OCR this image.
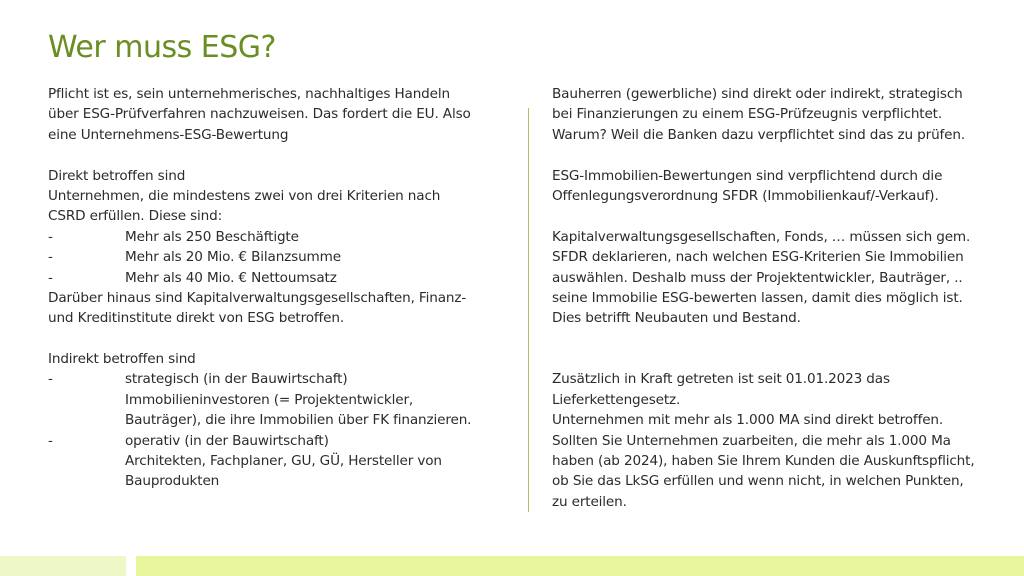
Wer muss ESG?
Pflicht ist es, sein unternehmerisches, nachhaltiges Handeln
über ESG-Prüfverfahren nachzuweisen. Das fordert die EU. Also
eine Unternehmens-ESG-Bewertung
Direkt betroffen sind
Unternehmen, die mindestens zwei von drei Kriterien nach
CSRD erfüllen. Diese sind:
-	Mehr als 250 Beschäftigte
-	Mehr als 20 Mio. € Bilanzsumme
-	Mehr als 40 Mio. € Nettoumsatz
Darüber hinaus sind Kapitalverwaltungsgesellschaften, Finanz-
und Kreditinstitute direkt von ESG betroffen.
Indirekt betroffen sind
-	strategisch (in der Bauwirtschaft)
Immobilieninvestoren (= Projektentwickler,
Bauträger), die ihre Immobilien über FK finanzieren.
-	operativ (in der Bauwirtschaft)
Architekten, Fachplaner, GU, GÜ, Hersteller von
Bauprodukten
Bauherren (gewerbliche) sind direkt oder indirekt, strategisch
bei Finanzierungen zu einem ESG-Prüfzeugnis verpflichtet.
Warum? Weil die Banken dazu verpflichtet sind das zu prüfen.
ESG-Immobilien-Bewertungen sind verpflichtend durch die
Offenlegungsverordnung SFDR (Immobilienkauf/-Verkauf).
Kapitalverwaltungsgesellschaften, Fonds, … müssen sich gem.
SFDR deklarieren, nach welchen ESG-Kriterien Sie Immobilien
auswählen. Deshalb muss der Projektentwickler, Bauträger, ..
seine Immobilie ESG-bewerten lassen, damit dies möglich ist.
Dies betrifft Neubauten und Bestand.
Zusätzlich in Kraft getreten ist seit 01.01.2023 das
Lieferkettengesetz.
Unternehmen mit mehr als 1.000 MA sind direkt betroffen.
Sollten Sie Unternehmen zuarbeiten, die mehr als 1.000 Ma
haben (ab 2024), haben Sie Ihrem Kunden die Auskunftspflicht,
ob Sie das LkSG erfüllen und wenn nicht, in welchen Punkten,
zu erteilen.
